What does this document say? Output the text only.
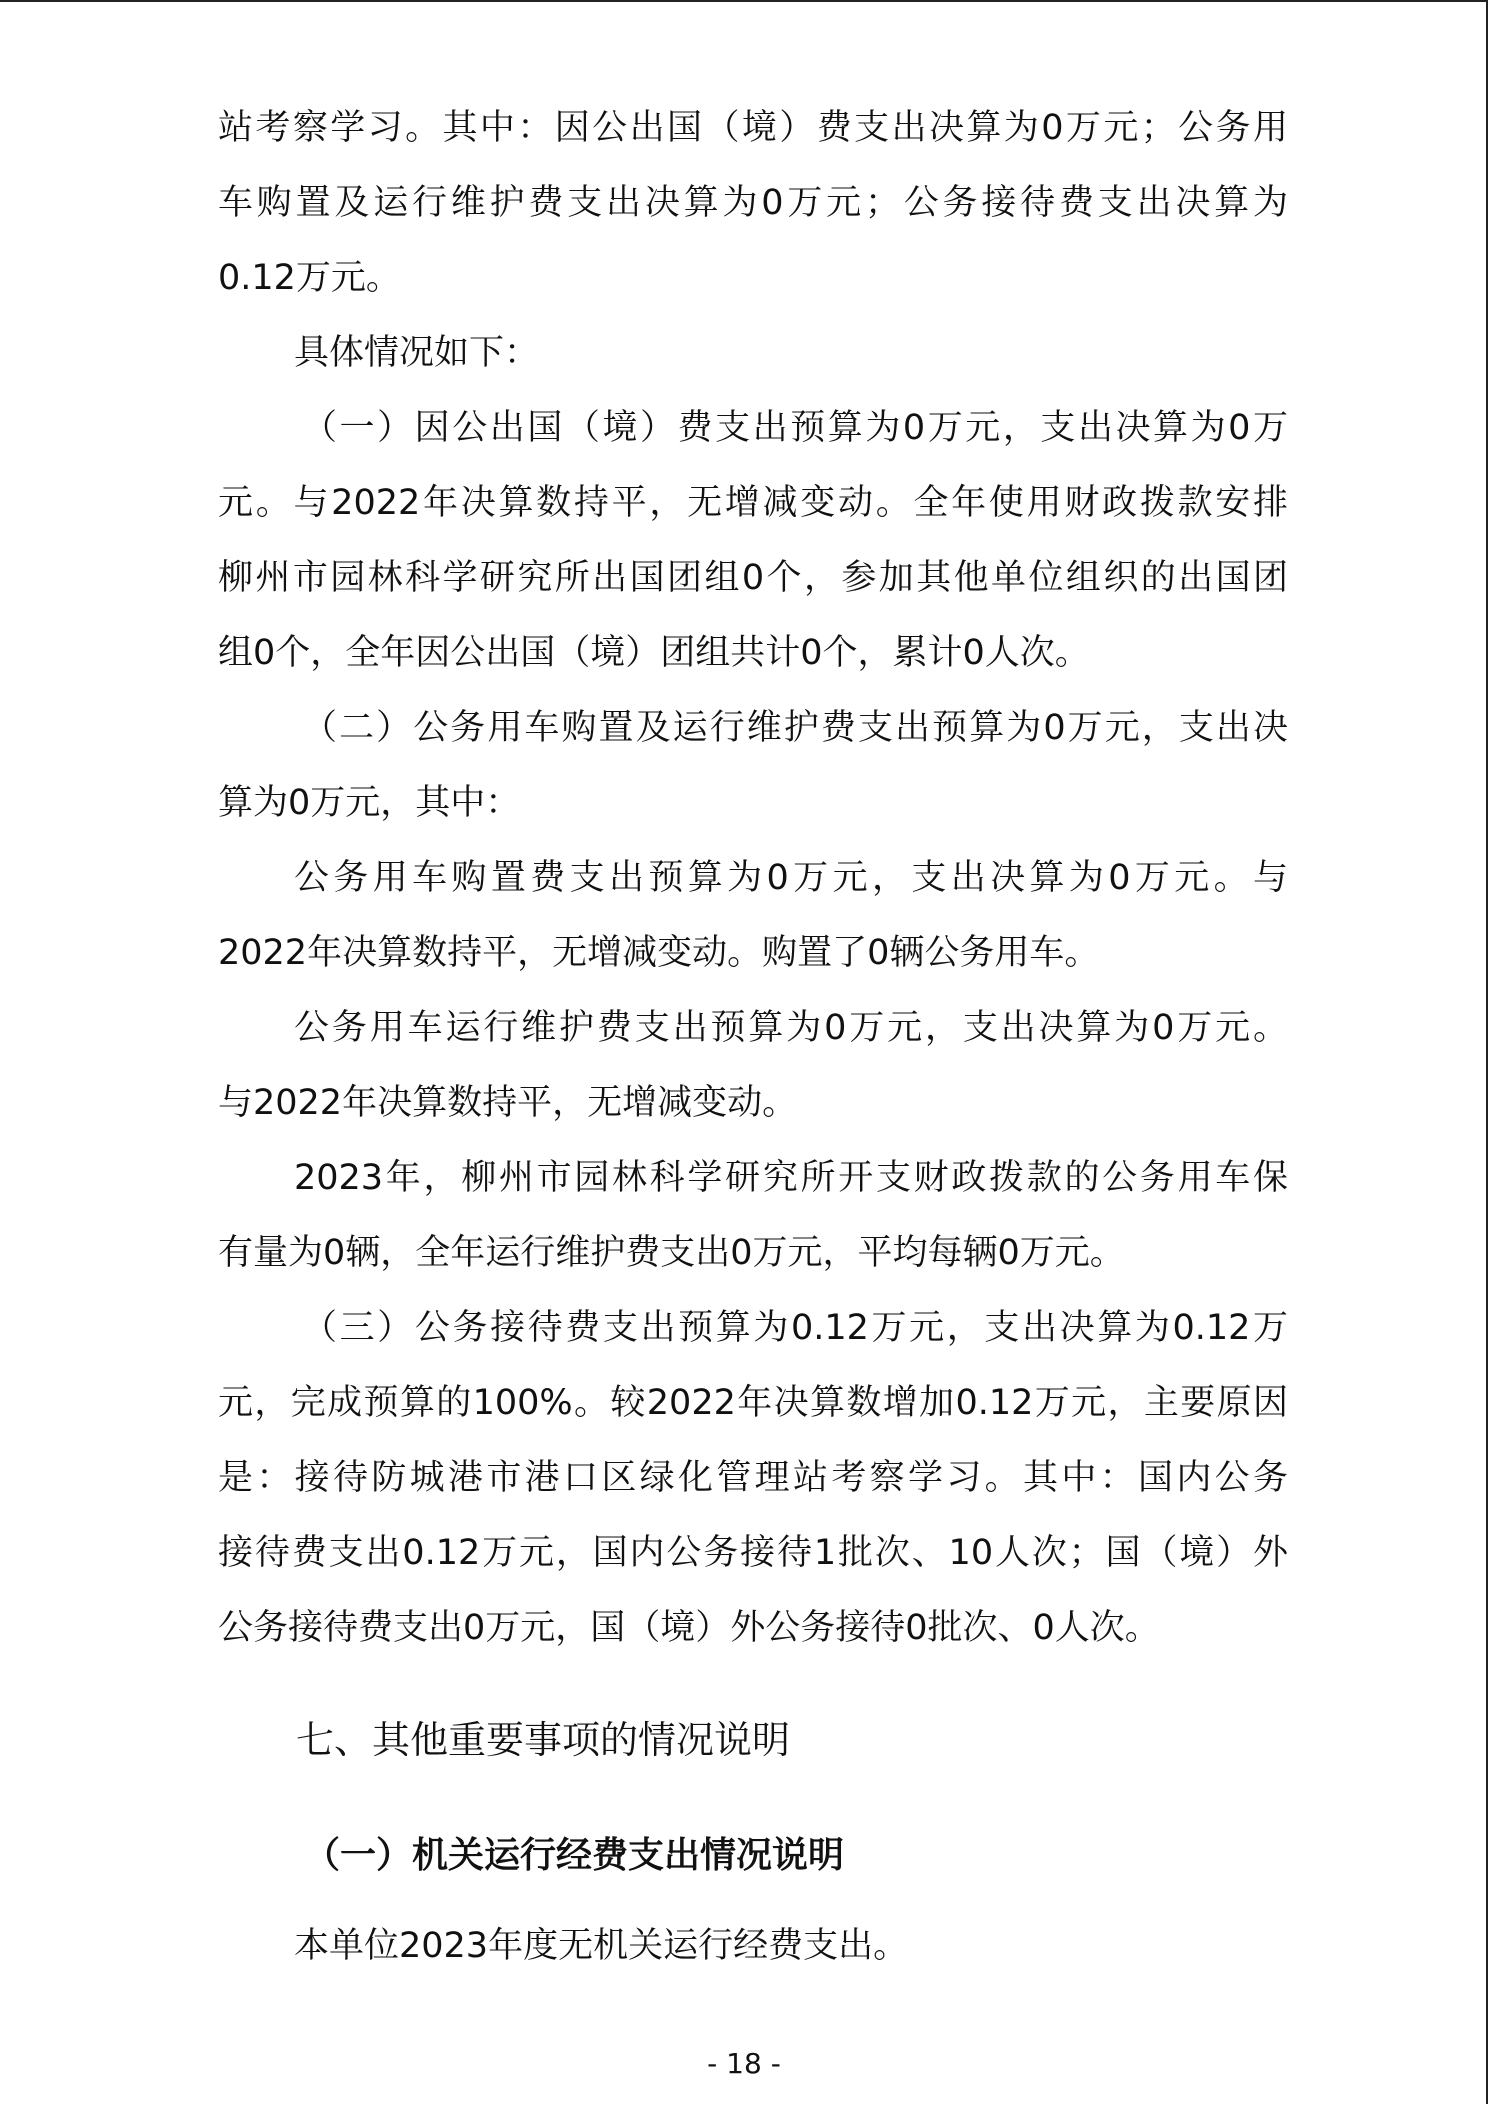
站考察学习。其中：因公出国（境）费支出决算为0万元；公务用
车购置及运行维护费支出决算为0万元；公务接待费支出决算为
0.12万元。
具体情况如下：
（一）因公出国（境）费支出预算为0万元，支出决算为0万
元。与2022年决算数持平，无增减变动。全年使用财政拨款安排
柳州市园林科学研究所出国团组0个，参加其他单位组织的出国团
组0个，全年因公出国（境）团组共计0个，累计0人次。
（二）公务用车购置及运行维护费支出预算为0万元，支出决
算为0万元，其中：
公务用车购置费支出预算为0万元，支出决算为0万元。与
2022年决算数持平，无增减变动。购置了0辆公务用车。
公务用车运行维护费支出预算为0万元，支出决算为0万元。
与2022年决算数持平，无增减变动。
2023年，柳州市园林科学研究所开支财政拨款的公务用车保
有量为0辆，全年运行维护费支出0万元，平均每辆0万元。
（三）公务接待费支出预算为0.12万元，支出决算为0.12万
元，完成预算的100%。较2022年决算数增加0.12万元，主要原因
是：接待防城港市港口区绿化管理站考察学习。其中：国内公务
接待费支出0.12万元，国内公务接待1批次、10人次；国（境）外
公务接待费支出0万元，国（境）外公务接待0批次、0人次。
七、其他重要事项的情况说明
（一）机关运行经费支出情况说明
本单位2023年度无机关运行经费支出。
- 18 -
